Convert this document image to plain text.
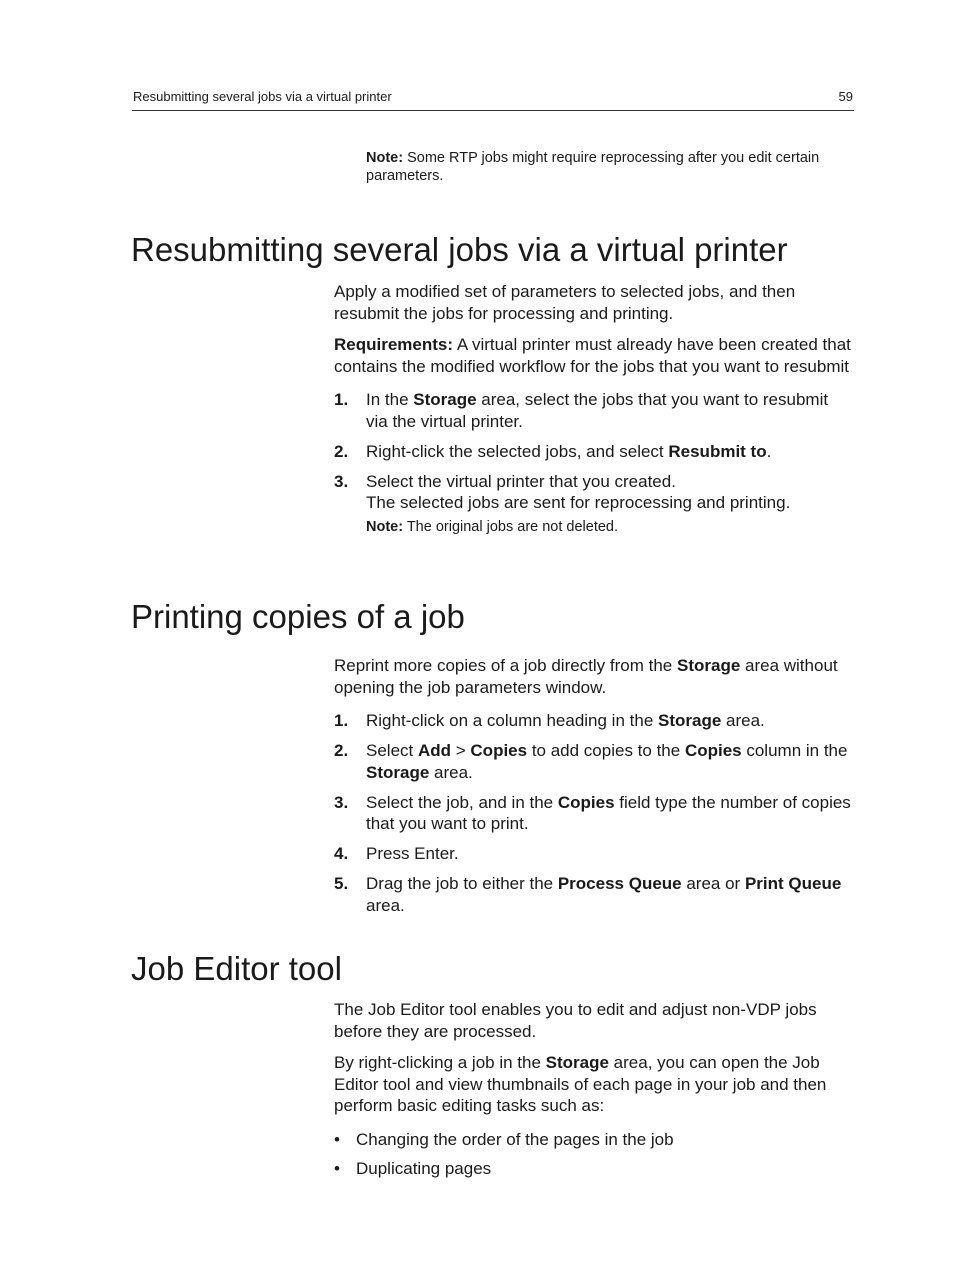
Resubmitting several jobs via a virtual printer	59
Note: Some RTP jobs might require reprocessing after you edit certain parameters.
Resubmitting several jobs via a virtual printer

Apply a modified set of parameters to selected jobs, and then resubmit the jobs for processing and printing.

Requirements: A virtual printer must already have been created that contains the modified workflow for the jobs that you want to resubmit

1. In the Storage area, select the jobs that you want to resubmit via the virtual printer.
2. Right-click the selected jobs, and select Resubmit to.
3. Select the virtual printer that you created.
The selected jobs are sent for reprocessing and printing.
Note: The original jobs are not deleted.
Printing copies of a job

Reprint more copies of a job directly from the Storage area without opening the job parameters window.

1. Right-click on a column heading in the Storage area.
2. Select Add > Copies to add copies to the Copies column in the Storage area.
3. Select the job, and in the Copies field type the number of copies that you want to print.
4. Press Enter.
5. Drag the job to either the Process Queue area or Print Queue area.
Job Editor tool

The Job Editor tool enables you to edit and adjust non-VDP jobs before they are processed.

By right-clicking a job in the Storage area, you can open the Job Editor tool and view thumbnails of each page in your job and then perform basic editing tasks such as:

• Changing the order of the pages in the job
• Duplicating pages
